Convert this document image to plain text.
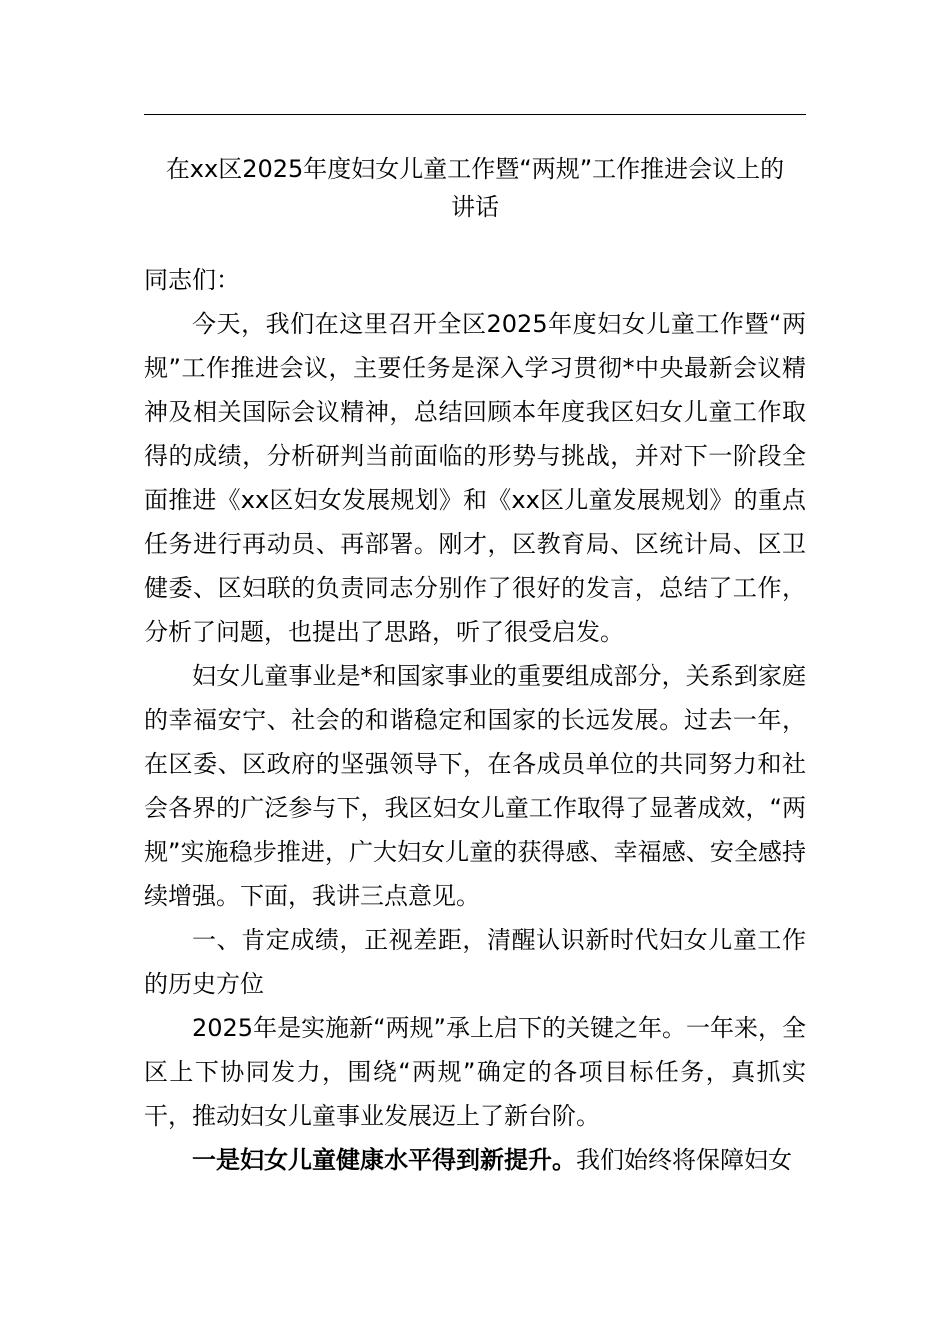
在xx区2025年度妇女儿童工作暨“两规”工作推进会议上的
讲话

同志们：

今天，我们在这里召开全区2025年度妇女儿童工作暨“两规”工作推进会议，主要任务是深入学习贯彻*中央最新会议精神及相关国际会议精神，总结回顾本年度我区妇女儿童工作取得的成绩，分析研判当前面临的形势与挑战，并对下一阶段全面推进《xx区妇女发展规划》和《xx区儿童发展规划》的重点任务进行再动员、再部署。刚才，区教育局、区统计局、区卫健委、区妇联的负责同志分别作了很好的发言，总结了工作，分析了问题，也提出了思路，听了很受启发。

妇女儿童事业是*和国家事业的重要组成部分，关系到家庭的幸福安宁、社会的和谐稳定和国家的长远发展。过去一年，在区委、区政府的坚强领导下，在各成员单位的共同努力和社会各界的广泛参与下，我区妇女儿童工作取得了显著成效，“两规”实施稳步推进，广大妇女儿童的获得感、幸福感、安全感持续增强。下面，我讲三点意见。

一、肯定成绩，正视差距，清醒认识新时代妇女儿童工作的历史方位

2025年是实施新“两规”承上启下的关键之年。一年来，全区上下协同发力，围绕“两规”确定的各项目标任务，真抓实干，推动妇女儿童事业发展迈上了新台阶。

一是妇女儿童健康水平得到新提升。我们始终将保障妇女
